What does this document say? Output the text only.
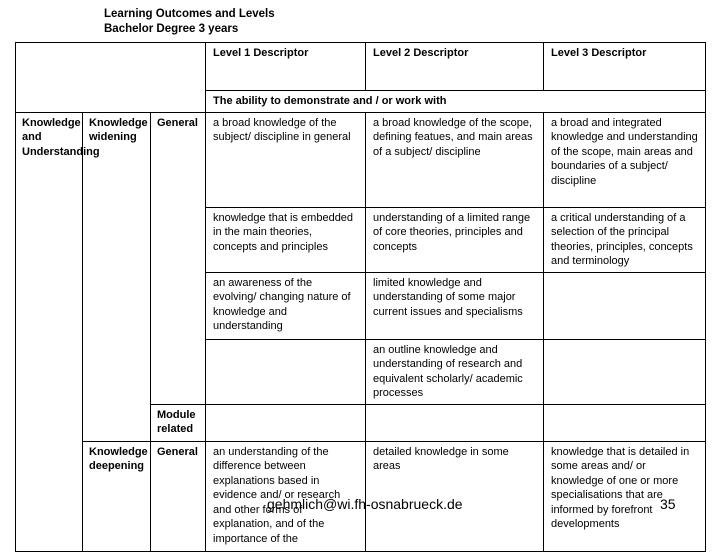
Learning Outcomes and Levels
Bachelor Degree 3 years
			Level 1 Descriptor	Level 2 Descriptor	Level 3 Descriptor
			The ability to demonstrate and / or work with		
Knowledge and Understanding	Knowledge widening	General	a broad knowledge of the subject/ discipline in general	a broad knowledge of the scope, defining featues, and main areas of a subject/ discipline	a broad and integrated knowledge and understanding of the scope, main areas and boundaries of a subject/ discipline
			knowledge that is embedded in the main theories, concepts and principles	understanding of a limited range of core theories, principles and concepts	a critical understanding of a selection of the principal theories, principles, concepts and terminology
			an awareness of the evolving/ changing nature of knowledge and understanding	limited knowledge and understanding of some major current issues and specialisms	
				an outline knowledge and understanding of research and equivalent scholarly/ academic processes	
		Module related			
	Knowledge deepening	General	an understanding of the difference between explanations based in evidence and/ or research and other forms of explanation, and of the importance of the	detailed knowledge in some areas	knowledge that is detailed in some areas and/ or knowledge of one or more specialisations that are informed by forefront developments
gehmlich@wi.fh-osnabrueck.de	35
